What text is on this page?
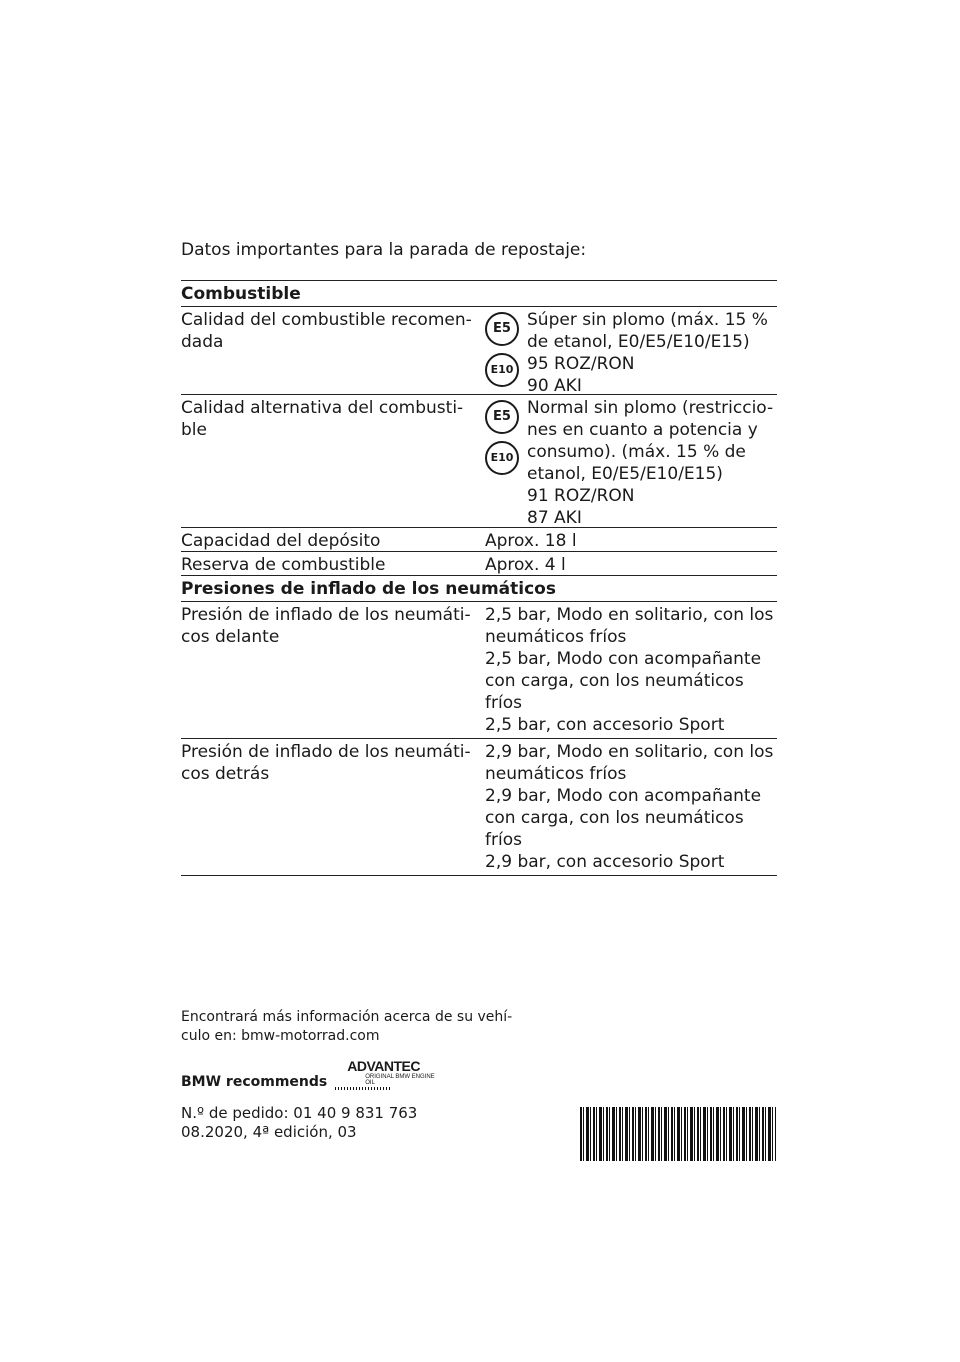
Datos importantes para la parada de repostaje:
Combustible
Calidad del combustible recomen-
dada
E5
E10
Súper sin plomo (máx. 15 %
de etanol, E0/E5/E10/E15)
95 ROZ/RON
90 AKI
Calidad alternativa del combusti-
ble
E5
E10
Normal sin plomo (restriccio-
nes en cuanto a potencia y
consumo). (máx. 15 % de
etanol, E0/E5/E10/E15)
91 ROZ/RON
87 AKI
Capacidad del depósito	Aprox. 18 l
Reserva de combustible	Aprox. 4 l
Presiones de inflado de los neumáticos
Presión de inflado de los neumáti-
cos delante
2,5 bar, Modo en solitario, con los
neumáticos fríos
2,5 bar, Modo con acompañante
con carga, con los neumáticos
fríos
2,5 bar, con accesorio Sport
Presión de inflado de los neumáti-
cos detrás
2,9 bar, Modo en solitario, con los
neumáticos fríos
2,9 bar, Modo con acompañante
con carga, con los neumáticos
fríos
2,9 bar, con accesorio Sport
Encontrará más información acerca de su vehí-
culo en: bmw-motorrad.com
BMW recommends
ADVANTEC
ORIGINAL BMW ENGINE OIL
N.º de pedido: 01 40 9 831 763
08.2020, 4ª edición, 03
